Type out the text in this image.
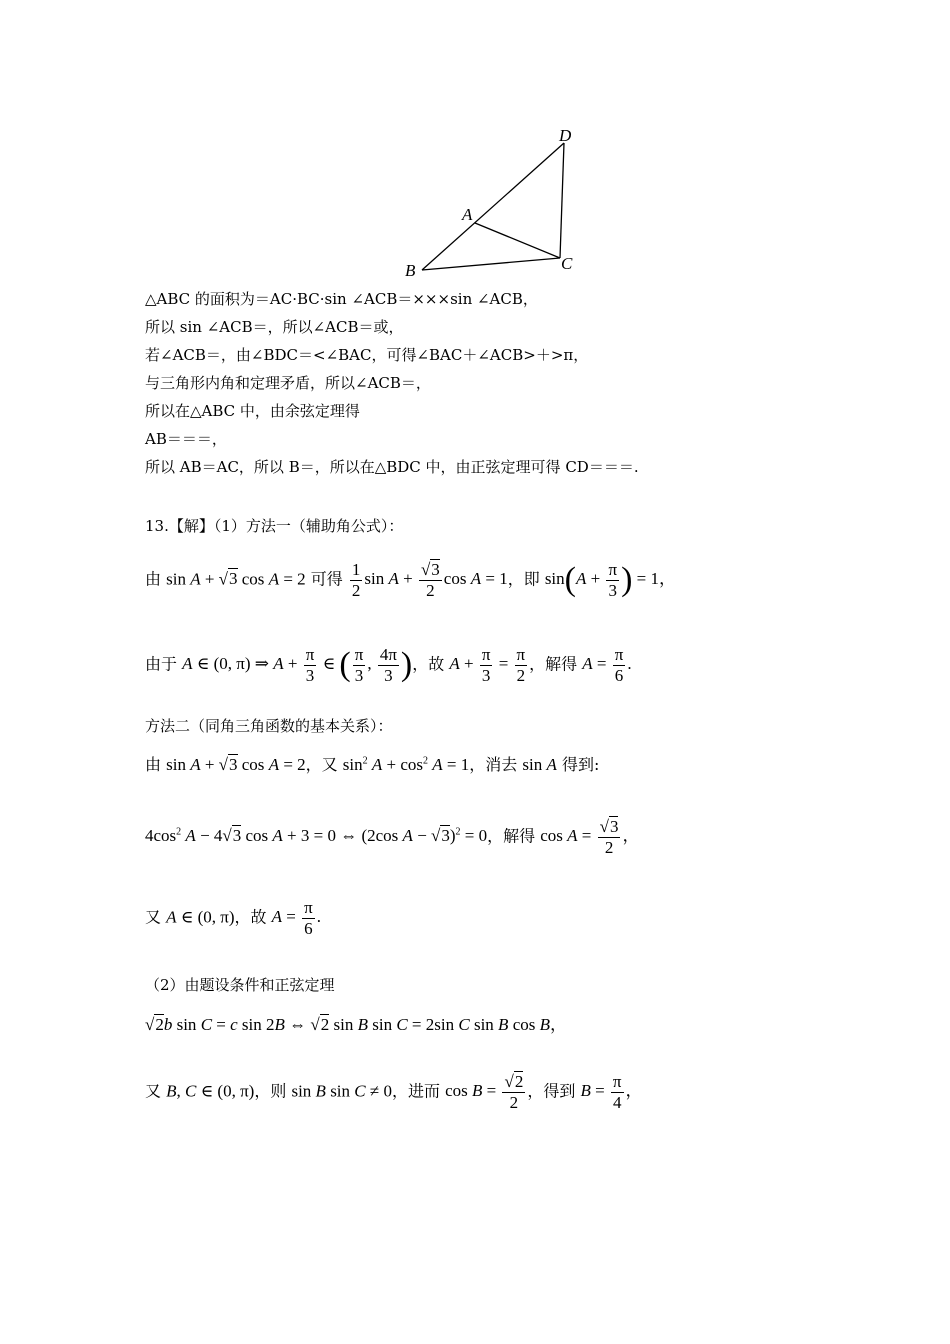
D
A
B	C
△ABC 的面积为＝AC·BC·sin ∠ACB＝×××sin ∠ACB，
所以 sin ∠ACB＝，所以∠ACB＝或，
若∠ACB＝，由∠BDC＝<∠BAC，可得∠BAC＋∠ACB>＋>π，
与三角形内角和定理矛盾，所以∠ACB＝，
所以在△ABC 中，由余弦定理得
AB＝＝＝，
所以 AB＝AC，所以 B＝，所以在△BDC 中，由正弦定理可得 CD＝＝＝.
13.【解】（1）方法一（辅助角公式）：
由 sin A + √3 cos A = 2 可得 $\frac{1}{2}$ $\sin A + \frac{√3}{2}$ cos A = 1，即 $\sin(A + \frac{\pi}{3}$ ) = 1，
由于 A ∈ (0, π) ⇒ $A + \frac{\pi}{3}$ ∈ ( $\frac{\pi}{3}$ , $\frac{4\pi}{3}$ )，故 $A + \frac{\pi}{3} = \frac{\pi}{2}$ ，解得 $A = \frac{\pi}{6}$ .
方法二（同角三角函数的基本关系）：
由 sin A + √3 cos A = 2，又 $\sin^2 A + \cos^2 A = 1$，消去 sin A 得到:
$4\cos^2$ A − 4√3 cos A + 3 = 0 ⇔ (2cos A − √3)$^2$ = 0，解得 $\cos A = \frac{√3}{2}$ ，
又 A ∈ (0, π)，故 $A = \frac{\pi}{6}$ .
（2）由题设条件和正弦定理
√2b sin C = c sin 2B ⇔ √2 sin B sin C = 2sin C sin B cos B，
又 B, C ∈ (0, π)，则 sin B sin C ≠ 0，进而 $\cos B = \frac{√2}{2}$ ，得到 $B = \frac{\pi}{4}$ ，
